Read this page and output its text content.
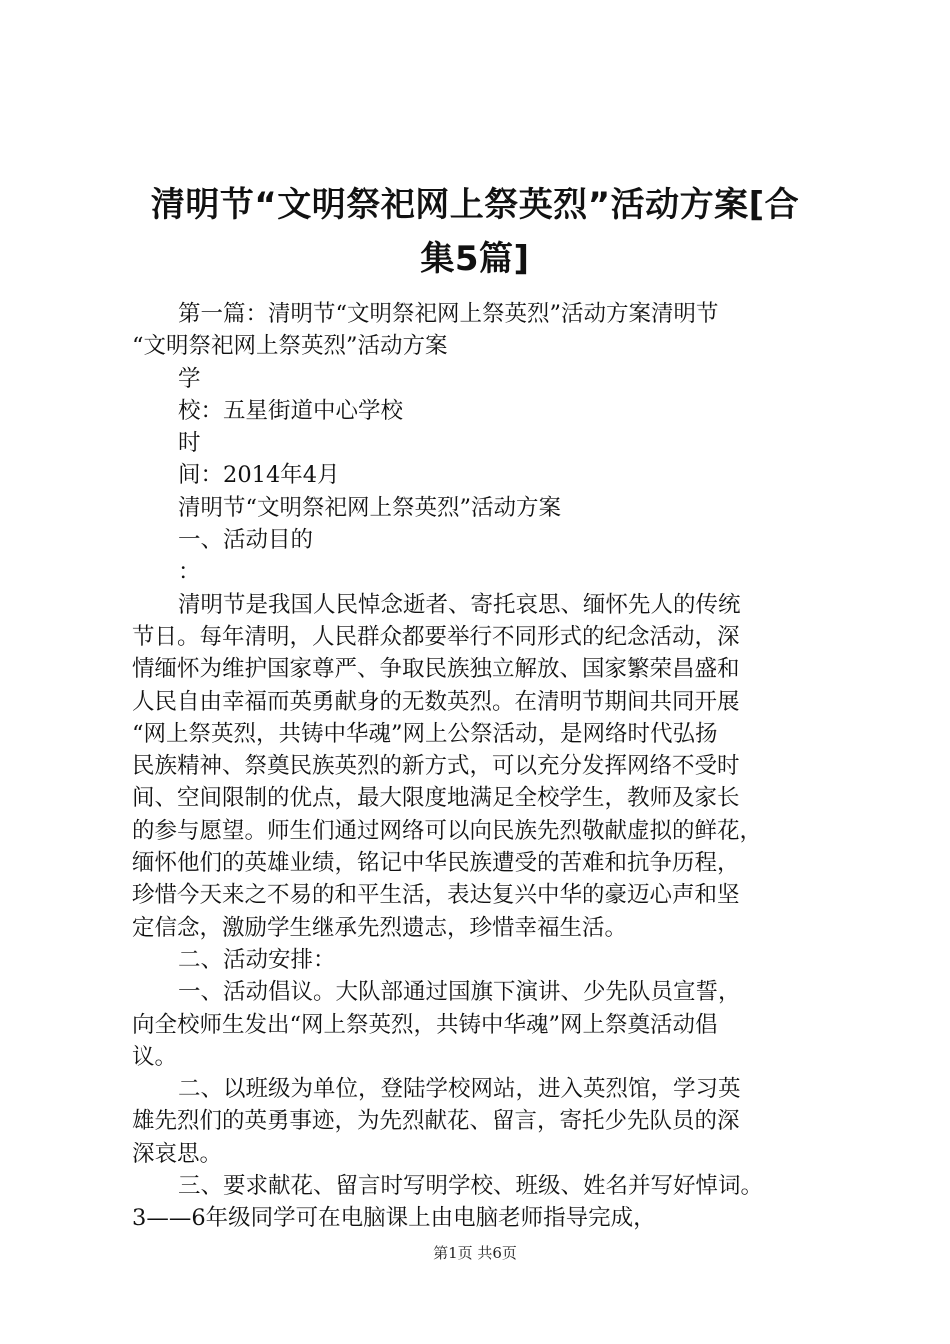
清明节“文明祭祀网上祭英烈”活动方案[合
集5篇]
第一篇：清明节“文明祭祀网上祭英烈”活动方案清明节
“文明祭祀网上祭英烈”活动方案
学
校：五星街道中心学校
时
间：2014年4月
清明节“文明祭祀网上祭英烈”活动方案
一、活动目的
：
清明节是我国人民悼念逝者、寄托哀思、缅怀先人的传统
节日。每年清明，人民群众都要举行不同形式的纪念活动，深
情缅怀为维护国家尊严、争取民族独立解放、国家繁荣昌盛和
人民自由幸福而英勇献身的无数英烈。在清明节期间共同开展
“网上祭英烈，共铸中华魂”网上公祭活动，是网络时代弘扬
民族精神、祭奠民族英烈的新方式，可以充分发挥网络不受时
间、空间限制的优点，最大限度地满足全校学生，教师及家长
的参与愿望。师生们通过网络可以向民族先烈敬献虚拟的鲜花，
缅怀他们的英雄业绩，铭记中华民族遭受的苦难和抗争历程，
珍惜今天来之不易的和平生活，表达复兴中华的豪迈心声和坚
定信念，激励学生继承先烈遗志，珍惜幸福生活。
二、活动安排：
一、活动倡议。大队部通过国旗下演讲、少先队员宣誓，
向全校师生发出“网上祭英烈，共铸中华魂”网上祭奠活动倡
议。
二、以班级为单位，登陆学校网站，进入英烈馆，学习英
雄先烈们的英勇事迹，为先烈献花、留言，寄托少先队员的深
深哀思。
三、要求献花、留言时写明学校、班级、姓名并写好悼词。
3——6年级同学可在电脑课上由电脑老师指导完成，
第1页 共6页
